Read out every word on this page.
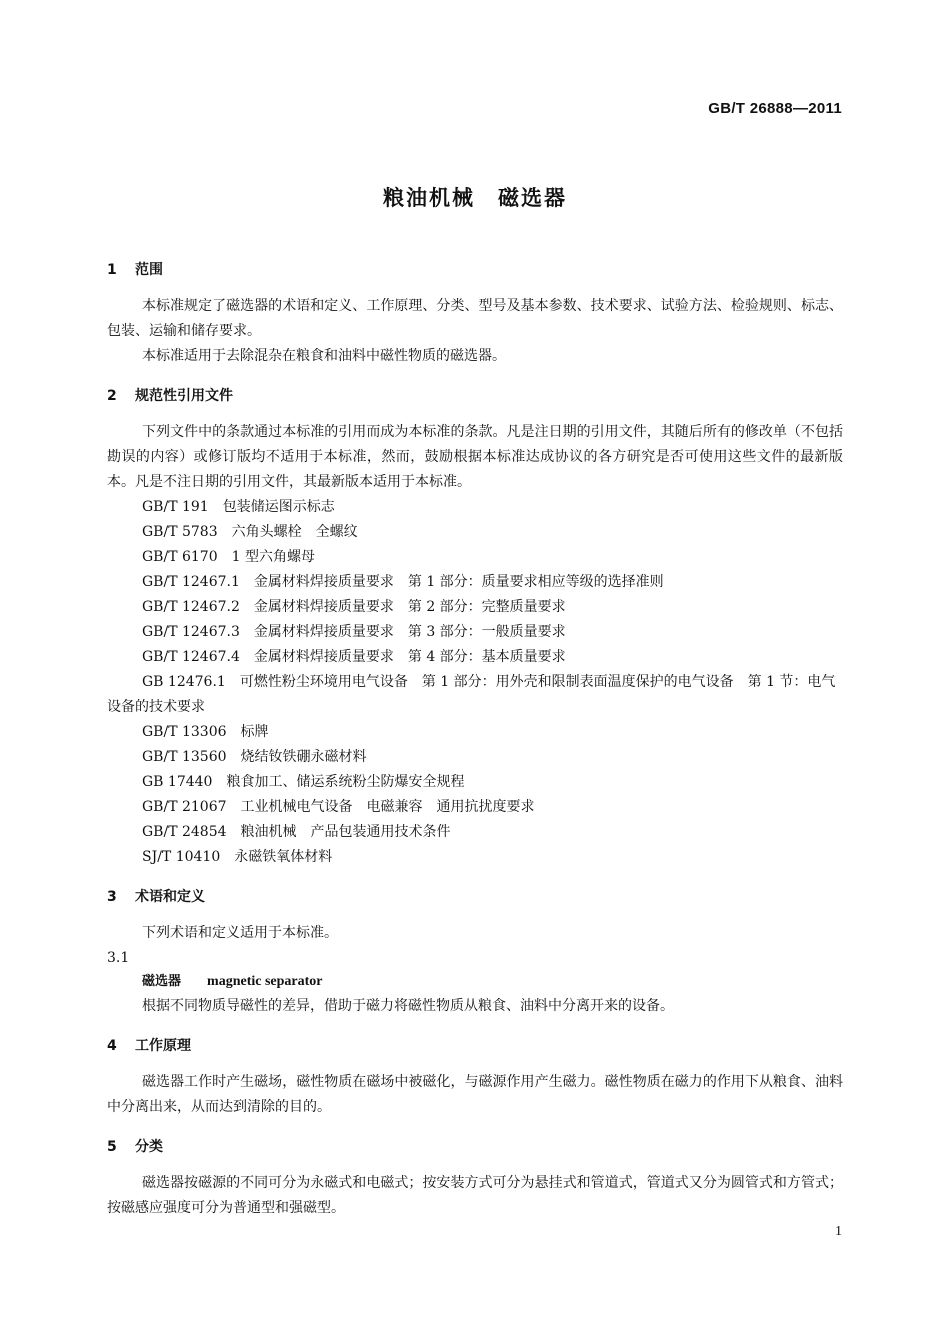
GB/T 26888—2011
粮油机械　磁选器
1	范围

本标准规定了磁选器的术语和定义、工作原理、分类、型号及基本参数、技术要求、试验方法、检验规则、标志、包装、运输和储存要求。

本标准适用于去除混杂在粮食和油料中磁性物质的磁选器。

2	规范性引用文件

下列文件中的条款通过本标准的引用而成为本标准的条款。凡是注日期的引用文件，其随后所有的修改单（不包括勘误的内容）或修订版均不适用于本标准，然而，鼓励根据本标准达成协议的各方研究是否可使用这些文件的最新版本。凡是不注日期的引用文件，其最新版本适用于本标准。

GB/T 191　包装储运图示标志
GB/T 5783　六角头螺栓　全螺纹
GB/T 6170　1 型六角螺母
GB/T 12467.1　金属材料焊接质量要求　第 1 部分：质量要求相应等级的选择准则
GB/T 12467.2　金属材料焊接质量要求　第 2 部分：完整质量要求
GB/T 12467.3　金属材料焊接质量要求　第 3 部分：一般质量要求
GB/T 12467.4　金属材料焊接质量要求　第 4 部分：基本质量要求
GB 12476.1　可燃性粉尘环境用电气设备　第 1 部分：用外壳和限制表面温度保护的电气设备　第 1 节：电气设备的技术要求
GB/T 13306　标牌
GB/T 13560　烧结钕铁硼永磁材料
GB 17440　粮食加工、储运系统粉尘防爆安全规程
GB/T 21067　工业机械电气设备　电磁兼容　通用抗扰度要求
GB/T 24854　粮油机械　产品包装通用技术条件
SJ/T 10410　永磁铁氧体材料
3	术语和定义

下列术语和定义适用于本标准。

3.1
磁选器　　 magnetic separator

根据不同物质导磁性的差异，借助于磁力将磁性物质从粮食、油料中分离开来的设备。

4	工作原理

磁选器工作时产生磁场，磁性物质在磁场中被磁化，与磁源作用产生磁力。磁性物质在磁力的作用下从粮食、油料中分离出来，从而达到清除的目的。

5	分类

磁选器按磁源的不同可分为永磁式和电磁式；按安装方式可分为悬挂式和管道式，管道式又分为圆管式和方管式；按磁感应强度可分为普通型和强磁型。

1
